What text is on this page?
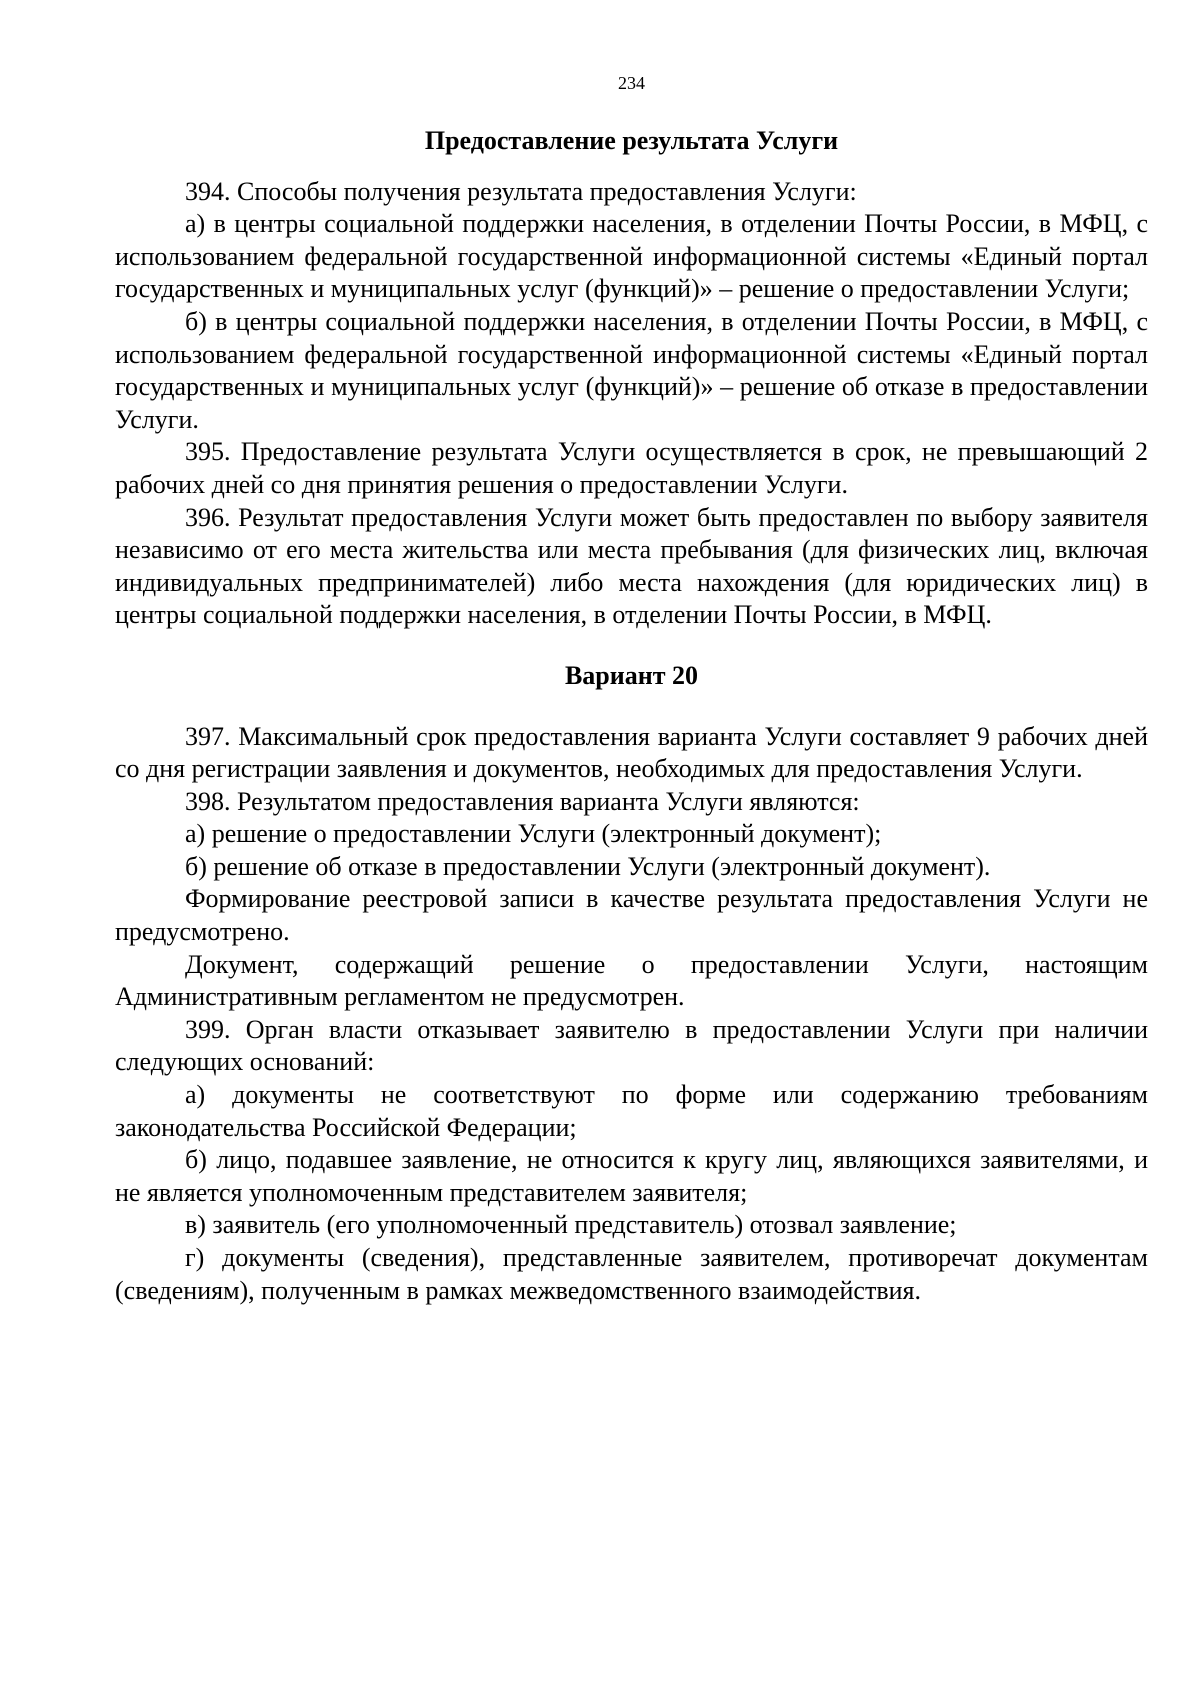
234
Предоставление результата Услуги

394. Способы получения результата предоставления Услуги:

а) в центры социальной поддержки населения, в отделении Почты России, в МФЦ, с использованием федеральной государственной информационной системы «Единый портал государственных и муниципальных услуг (функций)» – решение о предоставлении Услуги;

б) в центры социальной поддержки населения, в отделении Почты России, в МФЦ, с использованием федеральной государственной информационной системы «Единый портал государственных и муниципальных услуг (функций)» – решение об отказе в предоставлении Услуги.

395. Предоставление результата Услуги осуществляется в срок, не превышающий 2 рабочих дней со дня принятия решения о предоставлении Услуги.

396. Результат предоставления Услуги может быть предоставлен по выбору заявителя независимо от его места жительства или места пребывания (для физических лиц, включая индивидуальных предпринимателей) либо места нахождения (для юридических лиц) в центры социальной поддержки населения, в отделении Почты России, в МФЦ.

Вариант 20

397. Максимальный срок предоставления варианта Услуги составляет 9 рабочих дней со дня регистрации заявления и документов, необходимых для предоставления Услуги.

398. Результатом предоставления варианта Услуги являются:

а) решение о предоставлении Услуги (электронный документ);

б) решение об отказе в предоставлении Услуги (электронный документ).

Формирование реестровой записи в качестве результата предоставления Услуги не предусмотрено.

Документ, содержащий решение о предоставлении Услуги, настоящим Административным регламентом не предусмотрен.

399. Орган власти отказывает заявителю в предоставлении Услуги при наличии следующих оснований:

а) документы не соответствуют по форме или содержанию требованиям законодательства Российской Федерации;

б) лицо, подавшее заявление, не относится к кругу лиц, являющихся заявителями, и не является уполномоченным представителем заявителя;

в) заявитель (его уполномоченный представитель) отозвал заявление;

г) документы (сведения), представленные заявителем, противоречат документам (сведениям), полученным в рамках межведомственного взаимодействия.
